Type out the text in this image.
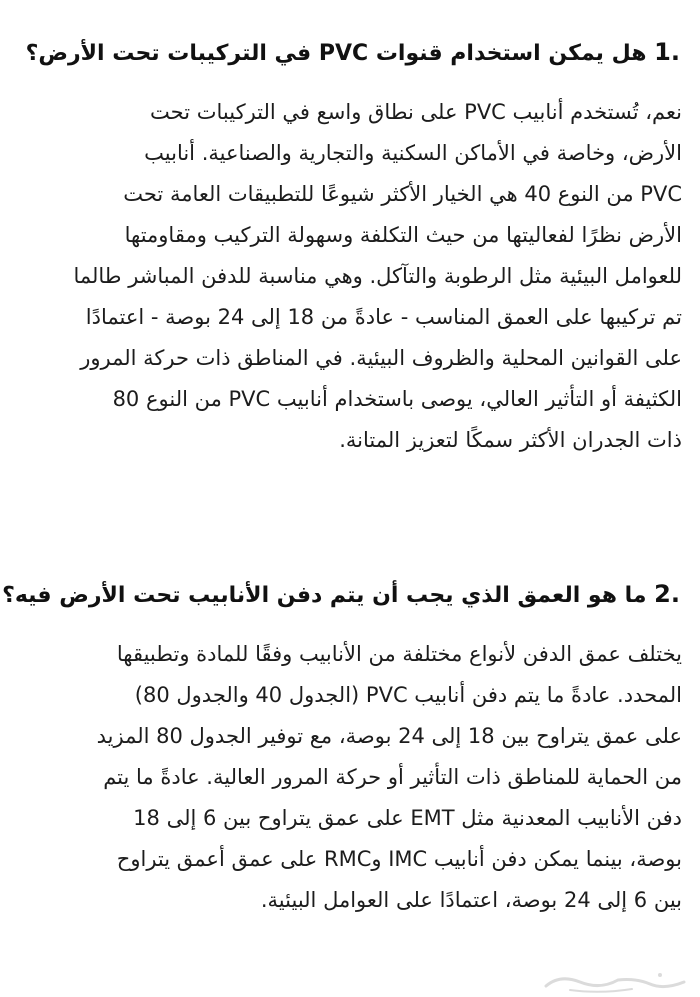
.1 هل يمكن استخدام قنوات PVC في التركيبات تحت الأرض؟
نعم، تُستخدم أنابيب PVC على نطاق واسع في التركيبات تحت
الأرض، وخاصة في الأماكن السكنية والتجارية والصناعية. أنابيب
PVC من النوع 40 هي الخيار الأكثر شيوعًا للتطبيقات العامة تحت
الأرض نظرًا لفعاليتها من حيث التكلفة وسهولة التركيب ومقاومتها
للعوامل البيئية مثل الرطوبة والتآكل. وهي مناسبة للدفن المباشر طالما
تم تركيبها على العمق المناسب - عادةً من 18 إلى 24 بوصة - اعتمادًا
على القوانين المحلية والظروف البيئية. في المناطق ذات حركة المرور
الكثيفة أو التأثير العالي، يوصى باستخدام أنابيب PVC من النوع 80
ذات الجدران الأكثر سمكًا لتعزيز المتانة.
.2 ما هو العمق الذي يجب أن يتم دفن الأنابيب تحت الأرض فيه؟
يختلف عمق الدفن لأنواع مختلفة من الأنابيب وفقًا للمادة وتطبيقها
المحدد. عادةً ما يتم دفن أنابيب PVC (الجدول 40 والجدول 80)
على عمق يتراوح بين 18 إلى 24 بوصة، مع توفير الجدول 80 المزيد
من الحماية للمناطق ذات التأثير أو حركة المرور العالية. عادةً ما يتم
دفن الأنابيب المعدنية مثل EMT على عمق يتراوح بين 6 إلى 18
بوصة، بينما يمكن دفن أنابيب IMC وRMC على عمق أعمق يتراوح
بين 6 إلى 24 بوصة، اعتمادًا على العوامل البيئية.
